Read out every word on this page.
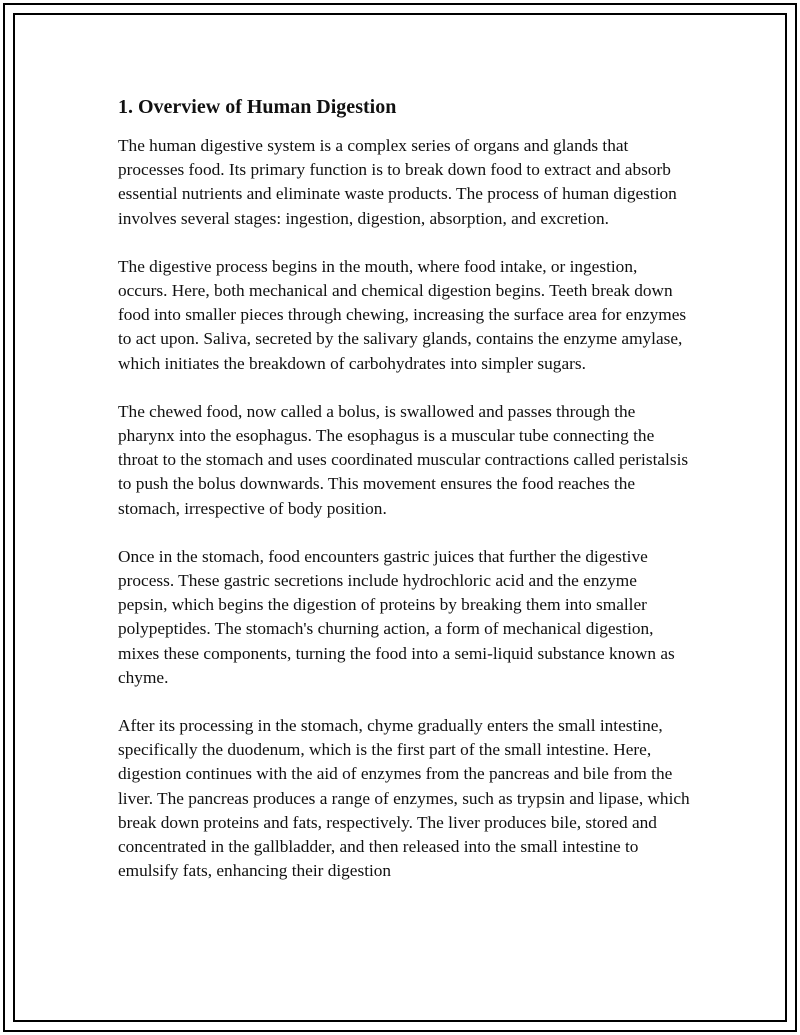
1. Overview of Human Digestion

The human digestive system is a complex series of organs and glands that processes food. Its primary function is to break down food to extract and absorb essential nutrients and eliminate waste products. The process of human digestion involves several stages: ingestion, digestion, absorption, and excretion.

The digestive process begins in the mouth, where food intake, or ingestion, occurs. Here, both mechanical and chemical digestion begins. Teeth break down food into smaller pieces through chewing, increasing the surface area for enzymes to act upon. Saliva, secreted by the salivary glands, contains the enzyme amylase, which initiates the breakdown of carbohydrates into simpler sugars.

The chewed food, now called a bolus, is swallowed and passes through the pharynx into the esophagus. The esophagus is a muscular tube connecting the throat to the stomach and uses coordinated muscular contractions called peristalsis to push the bolus downwards. This movement ensures the food reaches the stomach, irrespective of body position.

Once in the stomach, food encounters gastric juices that further the digestive process. These gastric secretions include hydrochloric acid and the enzyme pepsin, which begins the digestion of proteins by breaking them into smaller polypeptides. The stomach's churning action, a form of mechanical digestion, mixes these components, turning the food into a semi-liquid substance known as chyme.

After its processing in the stomach, chyme gradually enters the small intestine, specifically the duodenum, which is the first part of the small intestine. Here, digestion continues with the aid of enzymes from the pancreas and bile from the liver. The pancreas produces a range of enzymes, such as trypsin and lipase, which break down proteins and fats, respectively. The liver produces bile, stored and concentrated in the gallbladder, and then released into the small intestine to emulsify fats, enhancing their digestion
